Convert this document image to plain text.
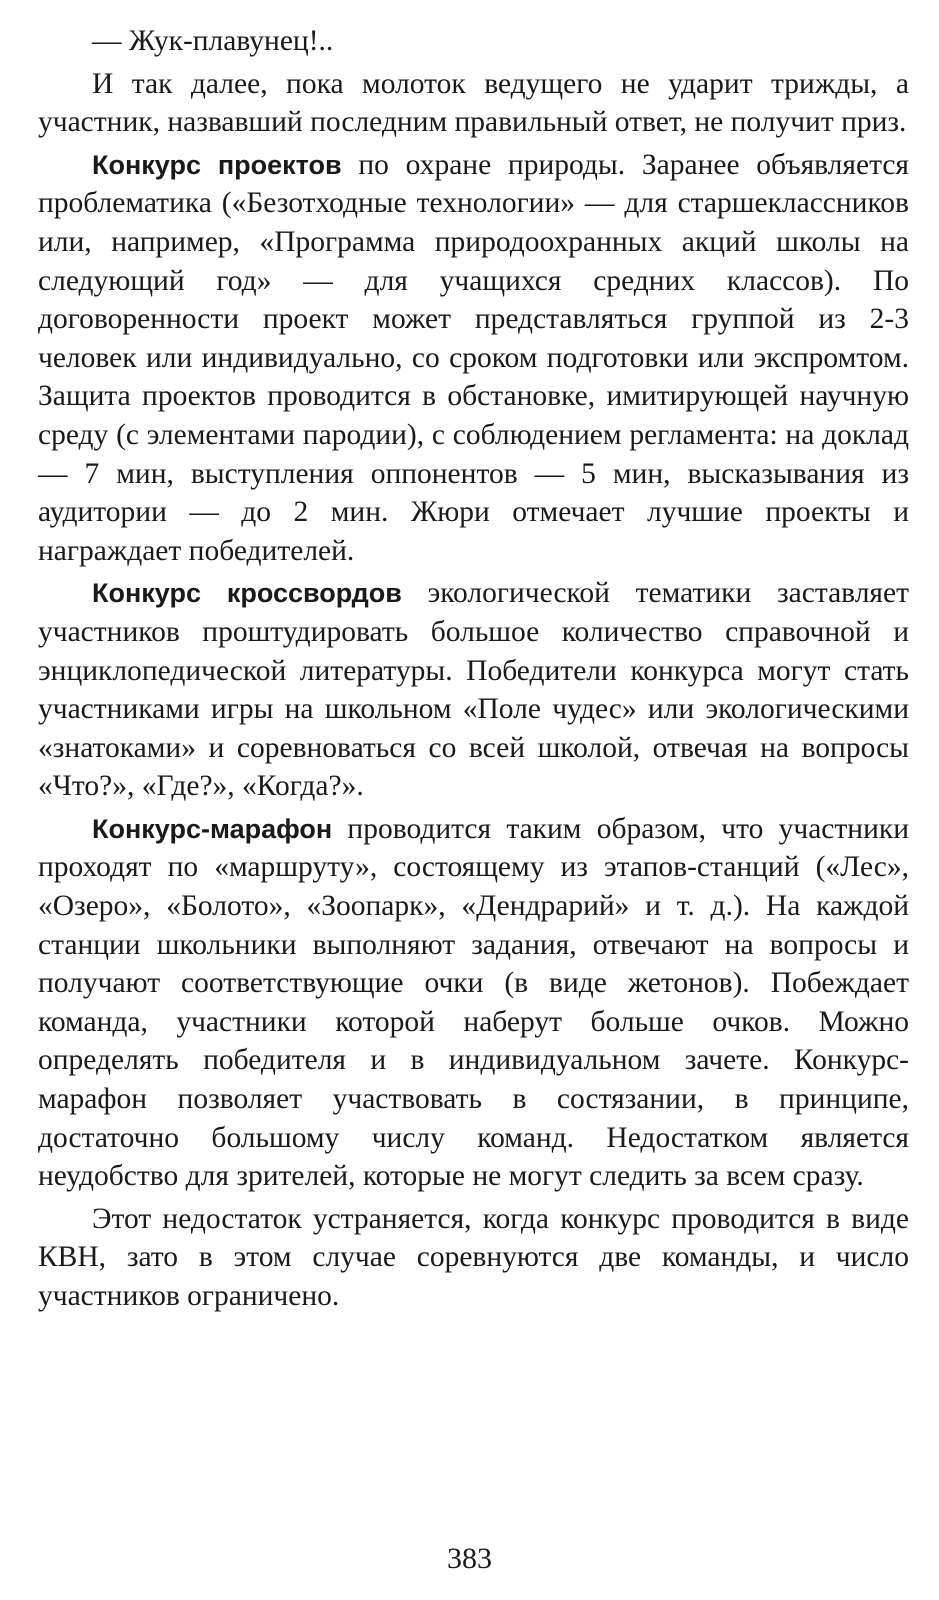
— Жук-плавунец!..

И так далее, пока молоток ведущего не ударит трижды, а участник, назвавший последним правильный ответ, не получит приз.

Конкурс проектов по охране природы. Заранее объявляется проблематика («Безотходные технологии» — для старшеклассников или, например, «Программа природоохранных акций школы на следующий год» — для учащихся средних классов). По договоренности проект может представляться группой из 2-3 человек или индивидуально, со сроком подготовки или экспромтом. Защита проектов проводится в обстановке, имитирующей научную среду (с элементами пародии), с соблюдением регламента: на доклад — 7 мин, выступления оппонентов — 5 мин, высказывания из аудитории — до 2 мин. Жюри отмечает лучшие проекты и награждает победителей.

Конкурс кроссвордов экологической тематики заставляет участников проштудировать большое количество справочной и энциклопедической литературы. Победители конкурса могут стать участниками игры на школьном «Поле чудес» или экологическими «знатоками» и соревноваться со всей школой, отвечая на вопросы «Что?», «Где?», «Когда?».

Конкурс-марафон проводится таким образом, что участники проходят по «маршруту», состоящему из этапов-станций («Лес», «Озеро», «Болото», «Зоопарк», «Дендрарий» и т. д.). На каждой станции школьники выполняют задания, отвечают на вопросы и получают соответствующие очки (в виде жетонов). Побеждает команда, участники которой наберут больше очков. Можно определять победителя и в индивидуальном зачете. Конкурс-марафон позволяет участвовать в состязании, в принципе, достаточно большому числу команд. Недостатком является неудобство для зрителей, которые не могут следить за всем сразу.

Этот недостаток устраняется, когда конкурс проводится в виде КВН, зато в этом случае соревнуются две команды, и число участников ограничено.

383
